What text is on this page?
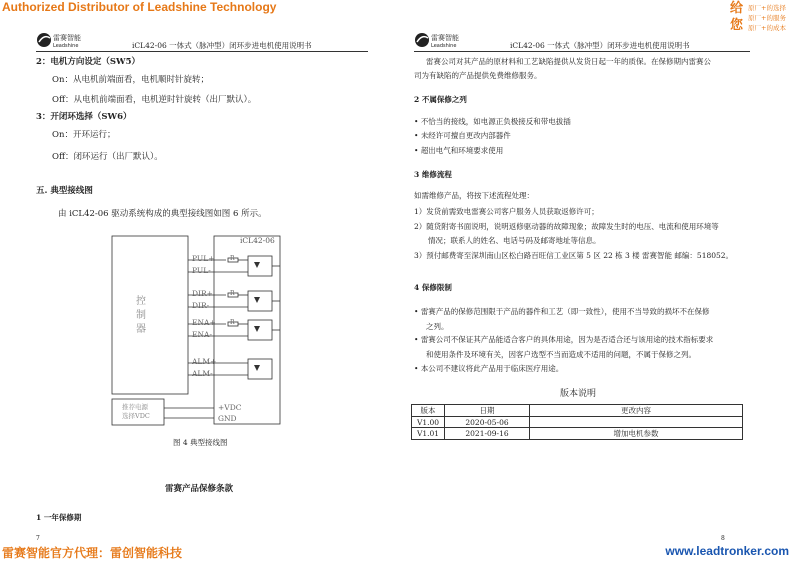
Authorized Distributor of Leadshine Technology	给
您
原厂+的选择
原厂+的服务
原厂+的成本
雷赛智能
Leadshine	iCL42-06 一体式（脉冲型）闭环步进电机使用说明书
雷赛智能
Leadshine	iCL42-06 一体式（脉冲型）闭环步进电机使用说明书
2：电机方向设定（SW5）
On：从电机前端面看，电机顺时针旋转；
Off：从电机前端面看，电机逆时针旋转（出厂默认）。
3：开闭环选择（SW6）
On：开环运行；
Off：闭环运行（出厂默认）。
五. 典型接线图
由 iCL42-06 驱动系统构成的典型接线图如图 6 所示。
iCL42-06
控
制
器
PUL+
PUL-
DIR+
DIR-
ENA+
ENA-
ALM+
ALM-
R
R
R
推荐电源
选择VDC
+VDC
GND
图 4 典型接线图
雷赛产品保修条款
1 一年保修期
7
雷赛公司对其产品的原材料和工艺缺陷提供从发货日起一年的质保。在保修期内雷赛公
司为有缺陷的产品提供免费维修服务。
2 不属保修之列
• 不恰当的接线，如电源正负极接反和带电拔插
• 未经许可擅自更改内部器件
• 超出电气和环境要求使用
3 维修流程
如需维修产品，将按下述流程处理：
1）发货前需致电雷赛公司客户服务人员获取返修许可；
2）随货附寄书面说明，说明返修驱动器的故障现象；故障发生时的电压、电流和使用环境等
情况；联系人的姓名、电话号码及邮寄地址等信息。
3）预付邮费寄至深圳南山区松白路百旺信工业区第 5 区 22 栋 3 楼 雷赛智能 邮编：518052。
4 保修限制
• 雷赛产品的保修范围限于产品的器件和工艺（即一致性），使用不当导致的损坏不在保修
之列。
• 雷赛公司不保证其产品能适合客户的具体用途，因为是否适合还与该用途的技术指标要求
和使用条件及环境有关，因客户选型不当而造成不适用的问题，不属于保修之列。
• 本公司不建议将此产品用于临床医疗用途。
版本说明
版本	日期	更改内容
V1.00	2020-05-06	
V1.01	2021-09-16	增加电机参数
8
雷赛智能官方代理：雷创智能科技	www.leadtronker.com
